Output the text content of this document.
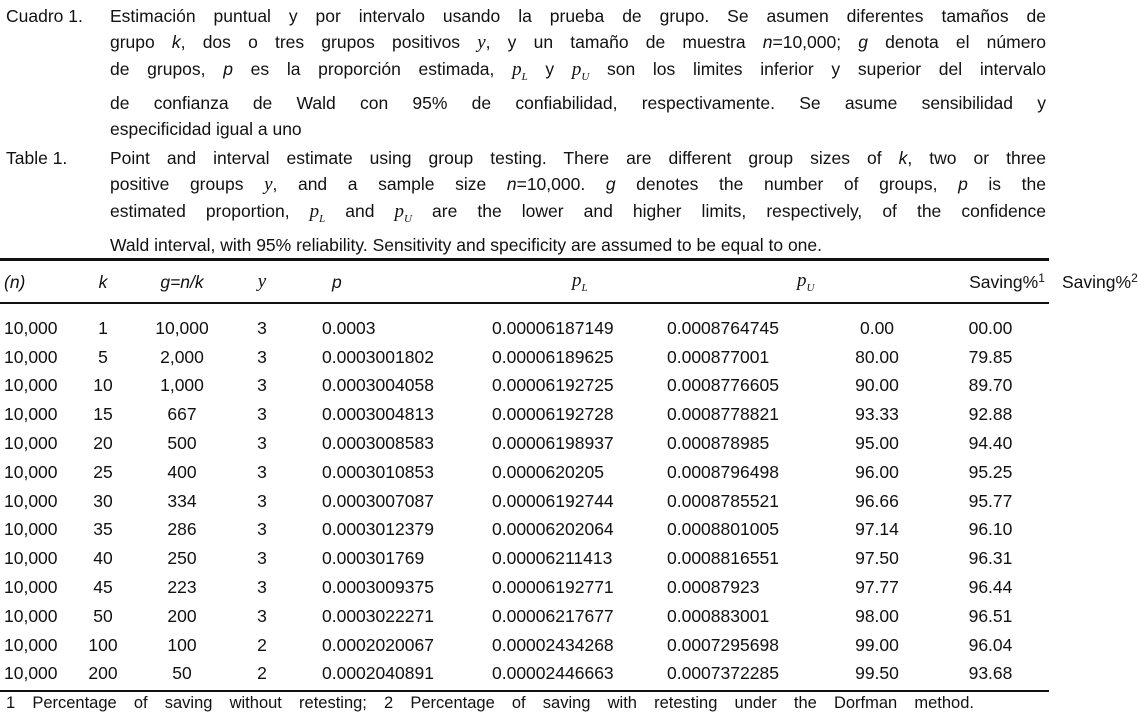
Cuadro 1. Estimación puntual y por intervalo usando la prueba de grupo. Se asumen diferentes tamaños de
grupo k, dos o tres grupos positivos y, y un tamaño de muestra n=10,000; g denota el número
de grupos, p es la proporción estimada, $p_L$ y $p_U$ son los limites inferior y superior del intervalo
de confianza de Wald con 95% de confiabilidad, respectivamente. Se asume sensibilidad y
especificidad igual a uno
Table 1. Point and interval estimate using group testing. There are different group sizes of k, two or three
positive groups y, and a sample size n=10,000. g denotes the number of groups, p is the
estimated proportion, $p_L$ and $p_U$ are the lower and higher limits, respectively, of the confidence
Wald interval, with 95% reliability. Sensitivity and specificity are assumed to be equal to one.
(n)	k	g=n/k	y	p	$p_L$	$p_U$	Saving%$^1$	Saving%$^2$
10,000	1	10,000	3	0.0003	0.00006187149	0.0008764745	0.00	00.00
10,000	5	2,000	3	0.0003001802	0.00006189625	0.000877001	80.00	79.85
10,000	10	1,000	3	0.0003004058	0.00006192725	0.0008776605	90.00	89.70
10,000	15	667	3	0.0003004813	0.00006192728	0.0008778821	93.33	92.88
10,000	20	500	3	0.0003008583	0.00006198937	0.000878985	95.00	94.40
10,000	25	400	3	0.0003010853	0.0000620205	0.0008796498	96.00	95.25
10,000	30	334	3	0.0003007087	0.00006192744	0.0008785521	96.66	95.77
10,000	35	286	3	0.0003012379	0.00006202064	0.0008801005	97.14	96.10
10,000	40	250	3	0.000301769	0.00006211413	0.0008816551	97.50	96.31
10,000	45	223	3	0.0003009375	0.00006192771	0.00087923	97.77	96.44
10,000	50	200	3	0.0003022271	0.00006217677	0.000883001	98.00	96.51
10,000	100	100	2	0.0002020067	0.00002434268	0.0007295698	99.00	96.04
10,000	200	50	2	0.0002040891	0.00002446663	0.0007372285	99.50	93.68
1 Percentage of saving without retesting; 2 Percentage of saving with retesting under the Dorfman method.
